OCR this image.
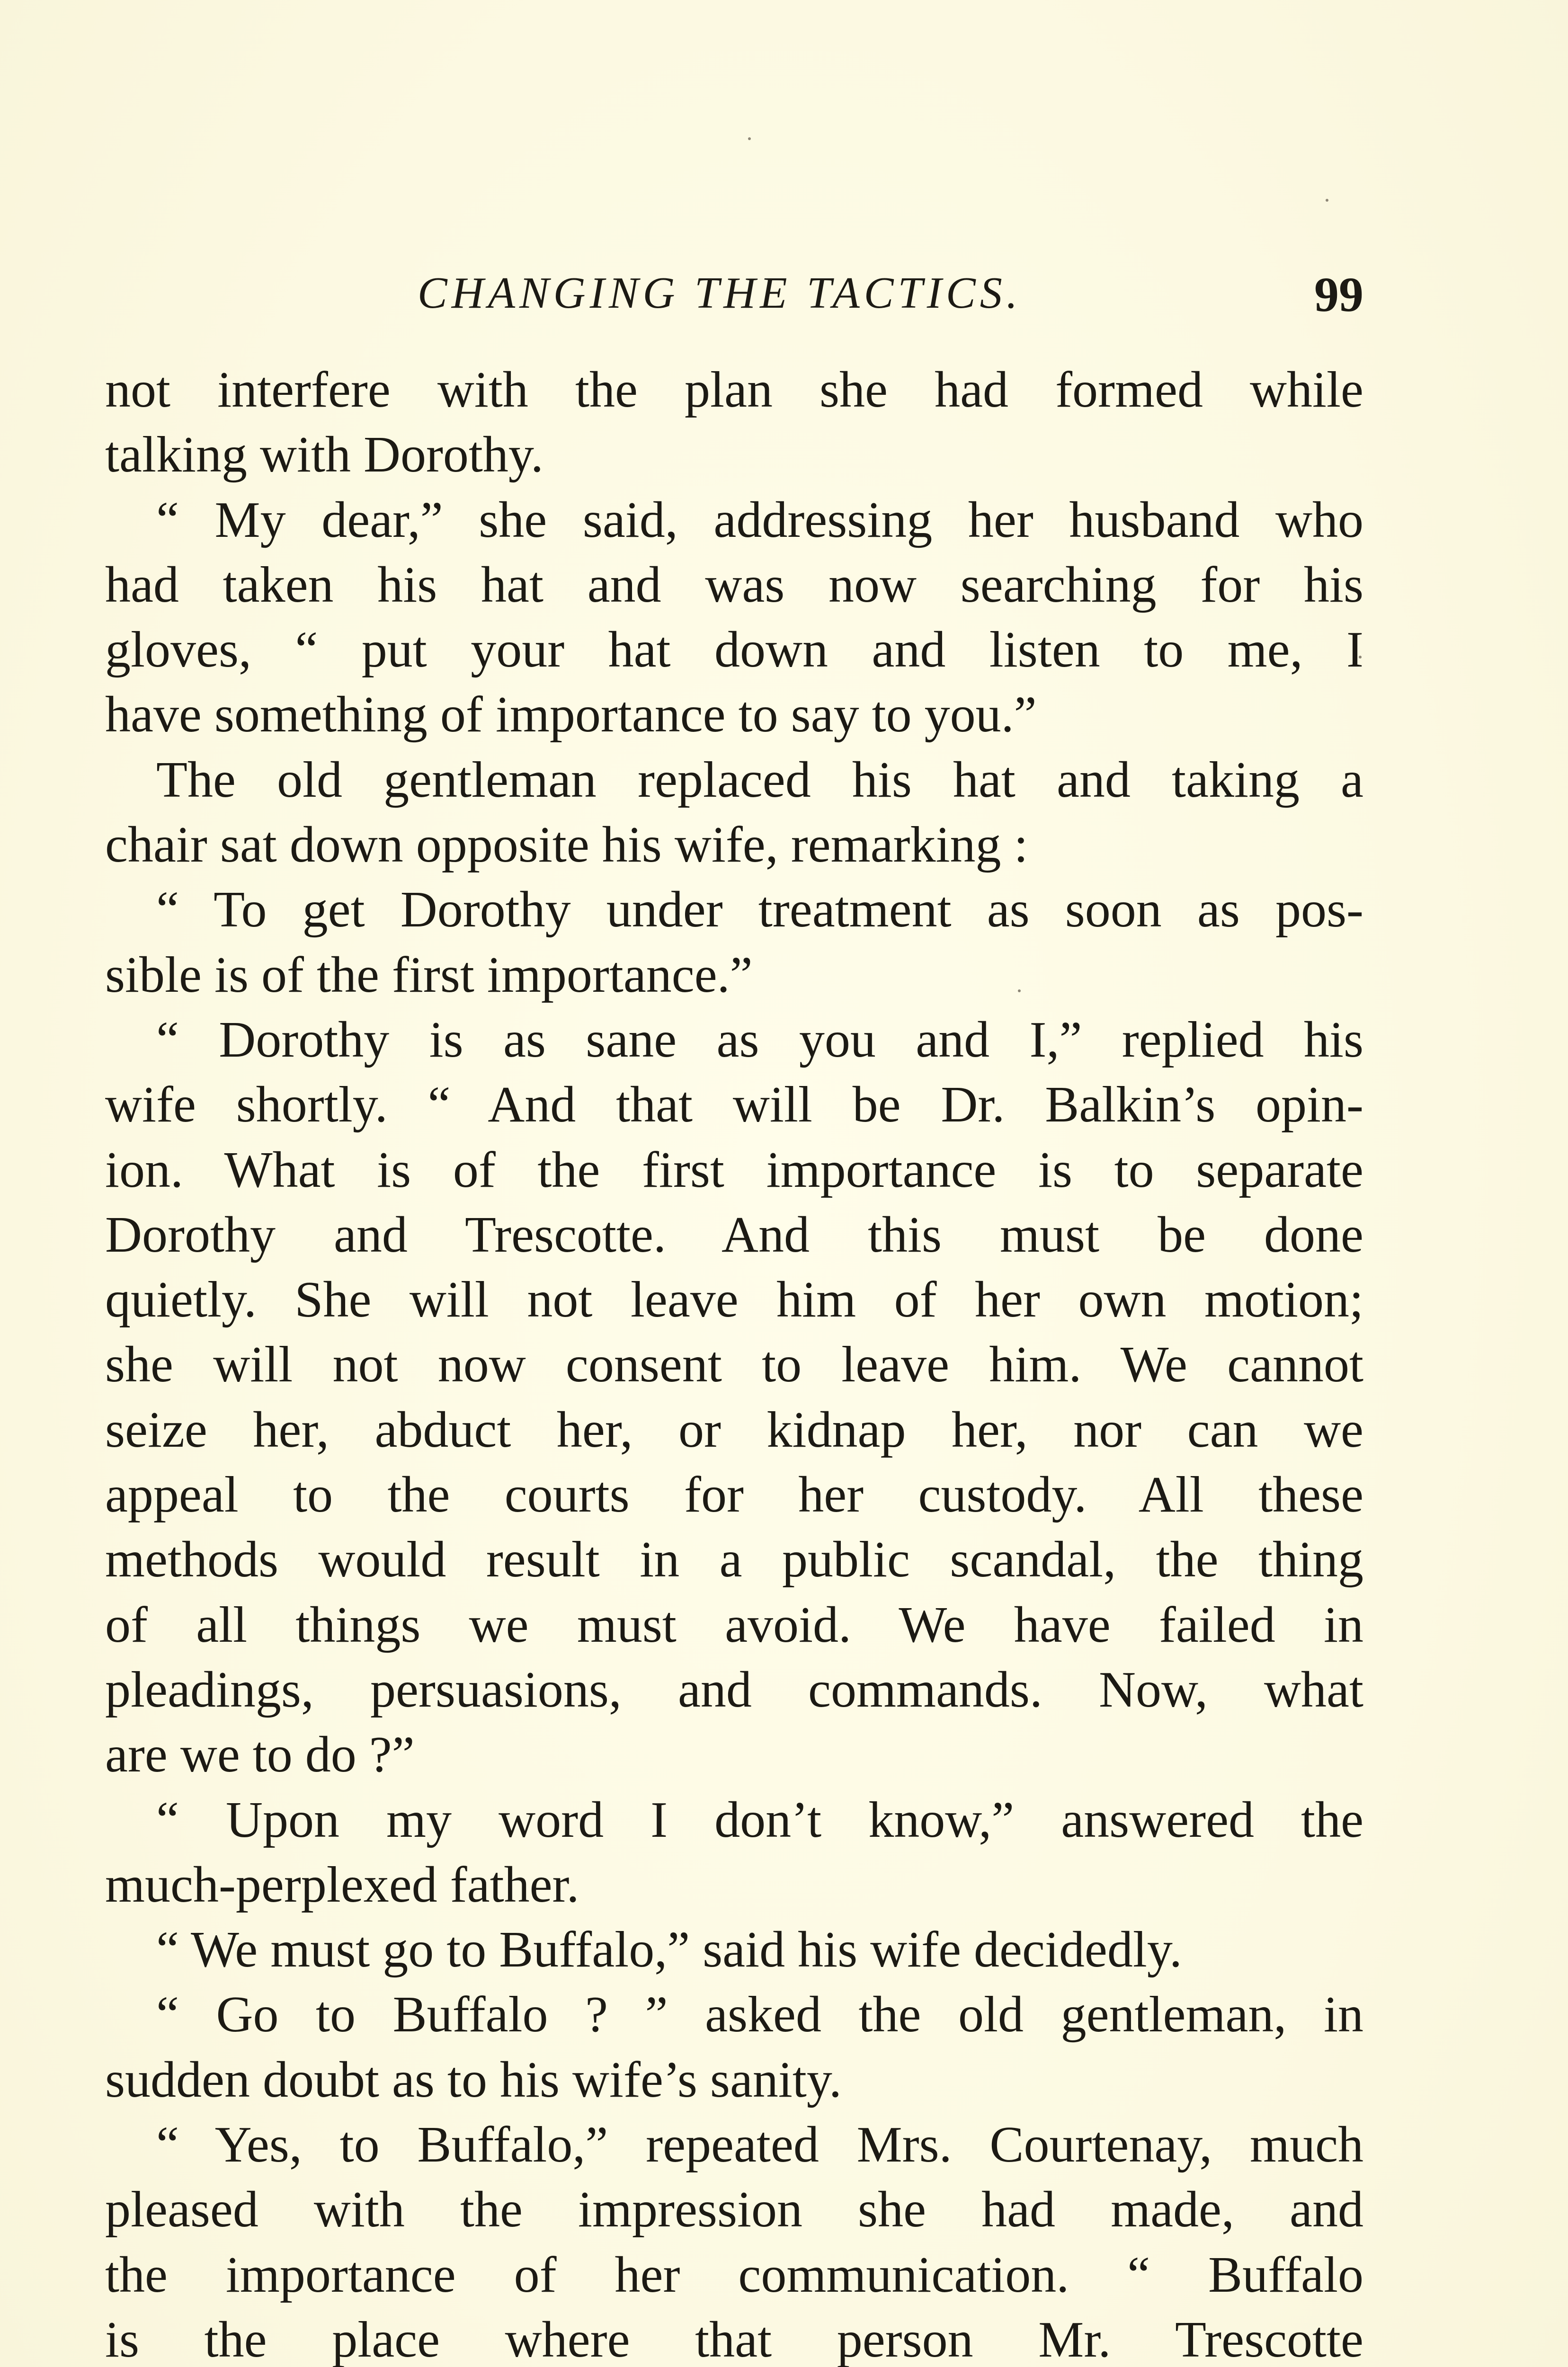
CHANGING THE TACTICS.	99
not interfere with the plan she had formed while
talking with Dorothy.
“ My dear,” she said, addressing her husband who
had taken his hat and was now searching for his
gloves, “ put your hat down and listen to me, I
have something of importance to say to you.”
The old gentleman replaced his hat and taking a
chair sat down opposite his wife, remarking :
“ To get Dorothy under treatment as soon as pos-
sible is of the first importance.”
“ Dorothy is as sane as you and I,” replied his
wife shortly. “ And that will be Dr. Balkin’s opin-
ion. What is of the first importance is to separate
Dorothy and Trescotte. And this must be done
quietly. She will not leave him of her own motion;
she will not now consent to leave him. We cannot
seize her, abduct her, or kidnap her, nor can we
appeal to the courts for her custody. All these
methods would result in a public scandal, the thing
of all things we must avoid. We have failed in
pleadings, persuasions, and commands. Now, what
are we to do ?”
“ Upon my word I don’t know,” answered the
much-perplexed father.
“ We must go to Buffalo,” said his wife decidedly.
“ Go to Buffalo ? ” asked the old gentleman, in
sudden doubt as to his wife’s sanity.
“ Yes, to Buffalo,” repeated Mrs. Courtenay, much
pleased with the impression she had made, and
the importance of her communication. “ Buffalo
is the place where that person Mr. Trescotte
